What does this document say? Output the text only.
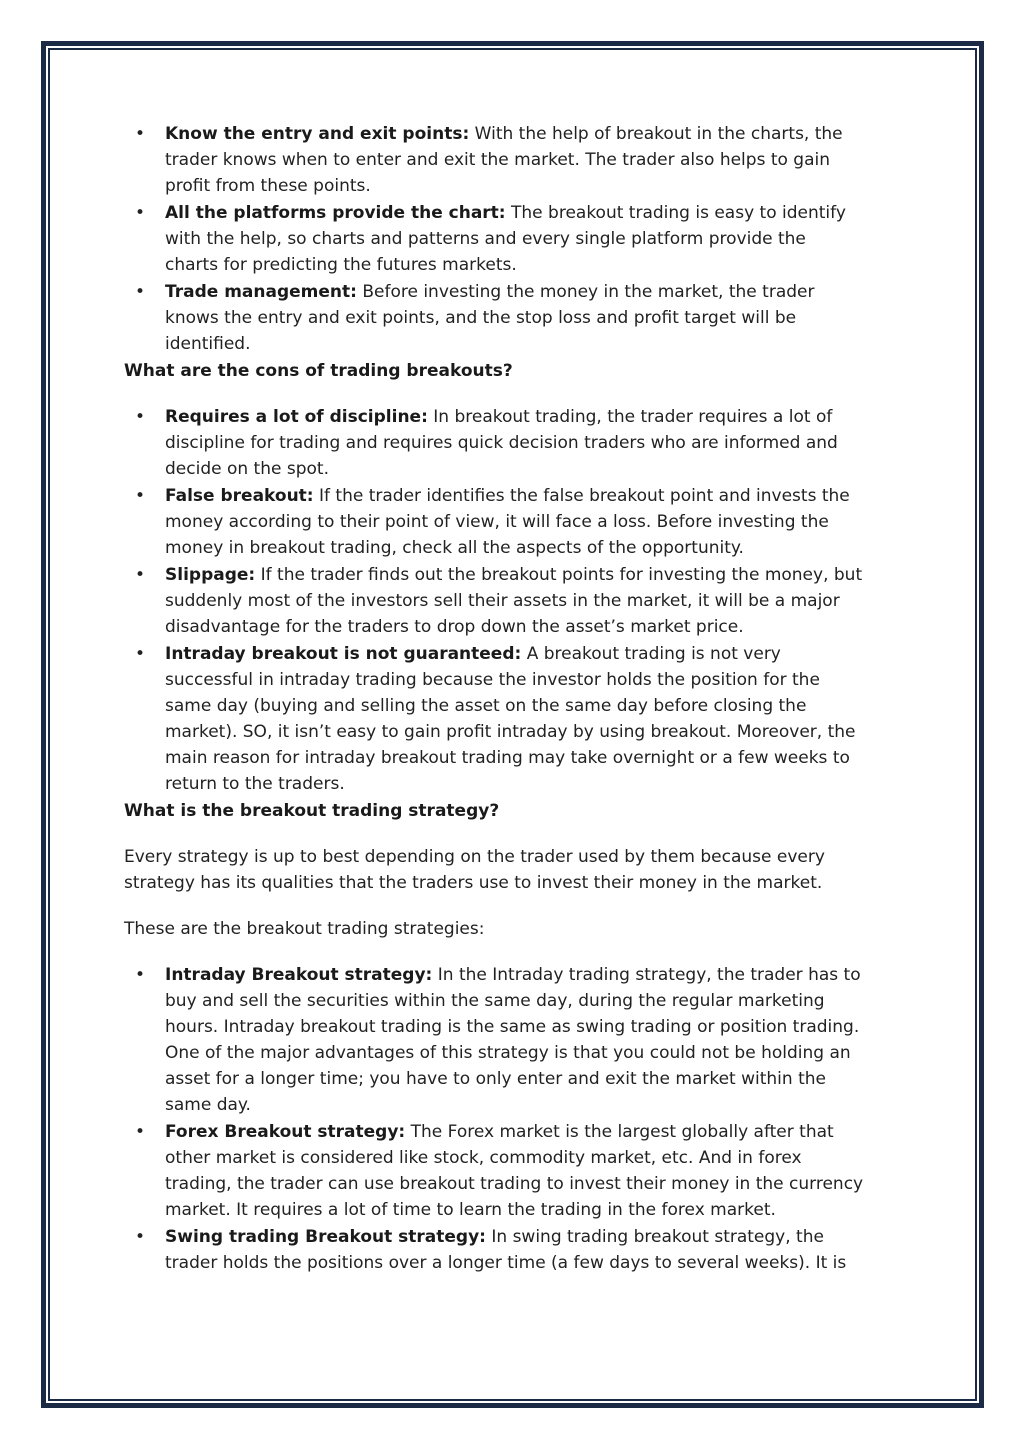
• Know the entry and exit points: With the help of breakout in the charts, the trader knows when to enter and exit the market. The trader also helps to gain profit from these points.
• All the platforms provide the chart: The breakout trading is easy to identify with the help, so charts and patterns and every single platform provide the charts for predicting the futures markets.
• Trade management: Before investing the money in the market, the trader knows the entry and exit points, and the stop loss and profit target will be identified.
What are the cons of trading breakouts?
• Requires a lot of discipline: In breakout trading, the trader requires a lot of discipline for trading and requires quick decision traders who are informed and decide on the spot.
• False breakout: If the trader identifies the false breakout point and invests the money according to their point of view, it will face a loss. Before investing the money in breakout trading, check all the aspects of the opportunity.
• Slippage: If the trader finds out the breakout points for investing the money, but suddenly most of the investors sell their assets in the market, it will be a major disadvantage for the traders to drop down the asset’s market price.
• Intraday breakout is not guaranteed: A breakout trading is not very successful in intraday trading because the investor holds the position for the same day (buying and selling the asset on the same day before closing the market). SO, it isn’t easy to gain profit intraday by using breakout. Moreover, the main reason for intraday breakout trading may take overnight or a few weeks to return to the traders.
What is the breakout trading strategy?

Every strategy is up to best depending on the trader used by them because every strategy has its qualities that the traders use to invest their money in the market.

These are the breakout trading strategies:

• Intraday Breakout strategy: In the Intraday trading strategy, the trader has to buy and sell the securities within the same day, during the regular marketing hours. Intraday breakout trading is the same as swing trading or position trading. One of the major advantages of this strategy is that you could not be holding an asset for a longer time; you have to only enter and exit the market within the same day.
• Forex Breakout strategy: The Forex market is the largest globally after that other market is considered like stock, commodity market, etc. And in forex trading, the trader can use breakout trading to invest their money in the currency market. It requires a lot of time to learn the trading in the forex market.
• Swing trading Breakout strategy: In swing trading breakout strategy, the trader holds the positions over a longer time (a few days to several weeks). It is
